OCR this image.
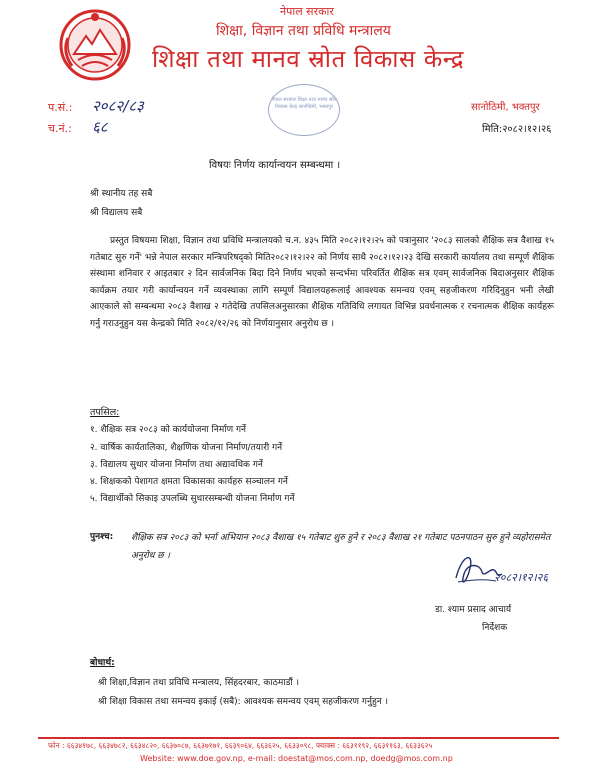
नेपाल सरकार
शिक्षा, विज्ञान तथा प्रविधि मन्त्रालय
शिक्षा तथा मानव स्रोत विकास केन्द्र
नेपाल सरकार शिक्षा तथा मानव स्रोत विकास केन्द्र सानोठिमी, भक्तपुर
प.सं.: २०८२/८३
च.नं.: ६८
सानोठिमी, भक्तपुर
मिति:२०८२।१२।२६
विषयः निर्णय कार्यान्वयन सम्बन्धमा ।
श्री स्थानीय तह सबै
श्री विद्यालय सबै

प्रस्तुत विषयमा शिक्षा, विज्ञान तथा प्रविधि मन्त्रालयको च.न. ४३५ मिति २०८२।१२।२५ को पत्रानुसार '२०८३ सालको शैक्षिक सत्र वैशाख १५ गतेबाट सुरु गर्ने' भन्ने नेपाल सरकार मन्त्रिपरिषद्को मिति२०८२।१२।२२ को निर्णय साथै २०८२।१२।२३ देखि सरकारी कार्यालय तथा सम्पूर्ण शैक्षिक संस्थामा शनिवार र आइतबार २ दिन सार्वजनिक बिदा दिने निर्णय भएको सन्दर्भमा परिवर्तित शैक्षिक सत्र एवम् सार्वजनिक बिदाअनुसार शैक्षिक कार्यक्रम तयार गरी कार्यान्वयन गर्ने व्यवस्थाका लागि सम्पूर्ण विद्यालयहरूलाई आवश्यक समन्वय एवम् सहजीकरण गरिदिनुहुन भनी लेखी आएकाले सो सम्बन्धमा २०८३ वैशाख २ गतेदेखि तपसिलअनुसारका शैक्षिक गतिविधि लगायत विभिन्न प्रवर्धनात्मक र रचनात्मक शैक्षिक कार्यहरू गर्नु गराउनुहुन यस केन्द्रको मिति २०८२/१२/२६ को निर्णयानुसार अनुरोध छ ।

तपसिल:
१. शैक्षिक सत्र २०८३ को कार्ययोजना निर्माण गर्ने
२. वार्षिक कार्यतालिका, शैक्षणिक योजना निर्माण/तयारी गर्ने
३. विद्यालय सुधार योजना निर्माण तथा अद्यावधिक गर्ने
४. शिक्षकको पेशागत क्षमता विकासका कार्यहरु सञ्चालन गर्ने
५. विद्यार्थीको सिकाइ उपलब्धि सुधारसम्बन्धी योजना निर्माण गर्ने
पुनश्च: शैक्षिक सत्र २०८३ को भर्ना अभियान २०८३ वैशाख १५ गतेबाट शुरु हुने र २०८३ वैशाख २१ गतेबाट पठनपाठन सुरु हुने व्यहोरासमेत अनुरोध छ ।
२०८२।१२।२६
डा. श्याम प्रसाद आचार्य
निर्देशक
बोधार्थ:
श्री शिक्षा,विज्ञान तथा प्रविधि मन्त्रालय, सिंहदरबार, काठमाडौं ।
श्री शिक्षा विकास तथा समन्वय इकाई (सबै): आवश्यक समन्वय एवम् सहजीकरण गर्नुहुन ।
फोन : ६६३४१७८, ६६३४७८२, ६६३४८२०, ६६३७०८७, ६६३७१७१, ६६३९०६४, ६६३६२५, ६६३३०९८, फ्याक्स : ६६३११९२, ६६३११६३, ६६३३६२५
Website: www.doe.gov.np, e-mail: doestat@mos.com.np, doedg@mos.com.np
